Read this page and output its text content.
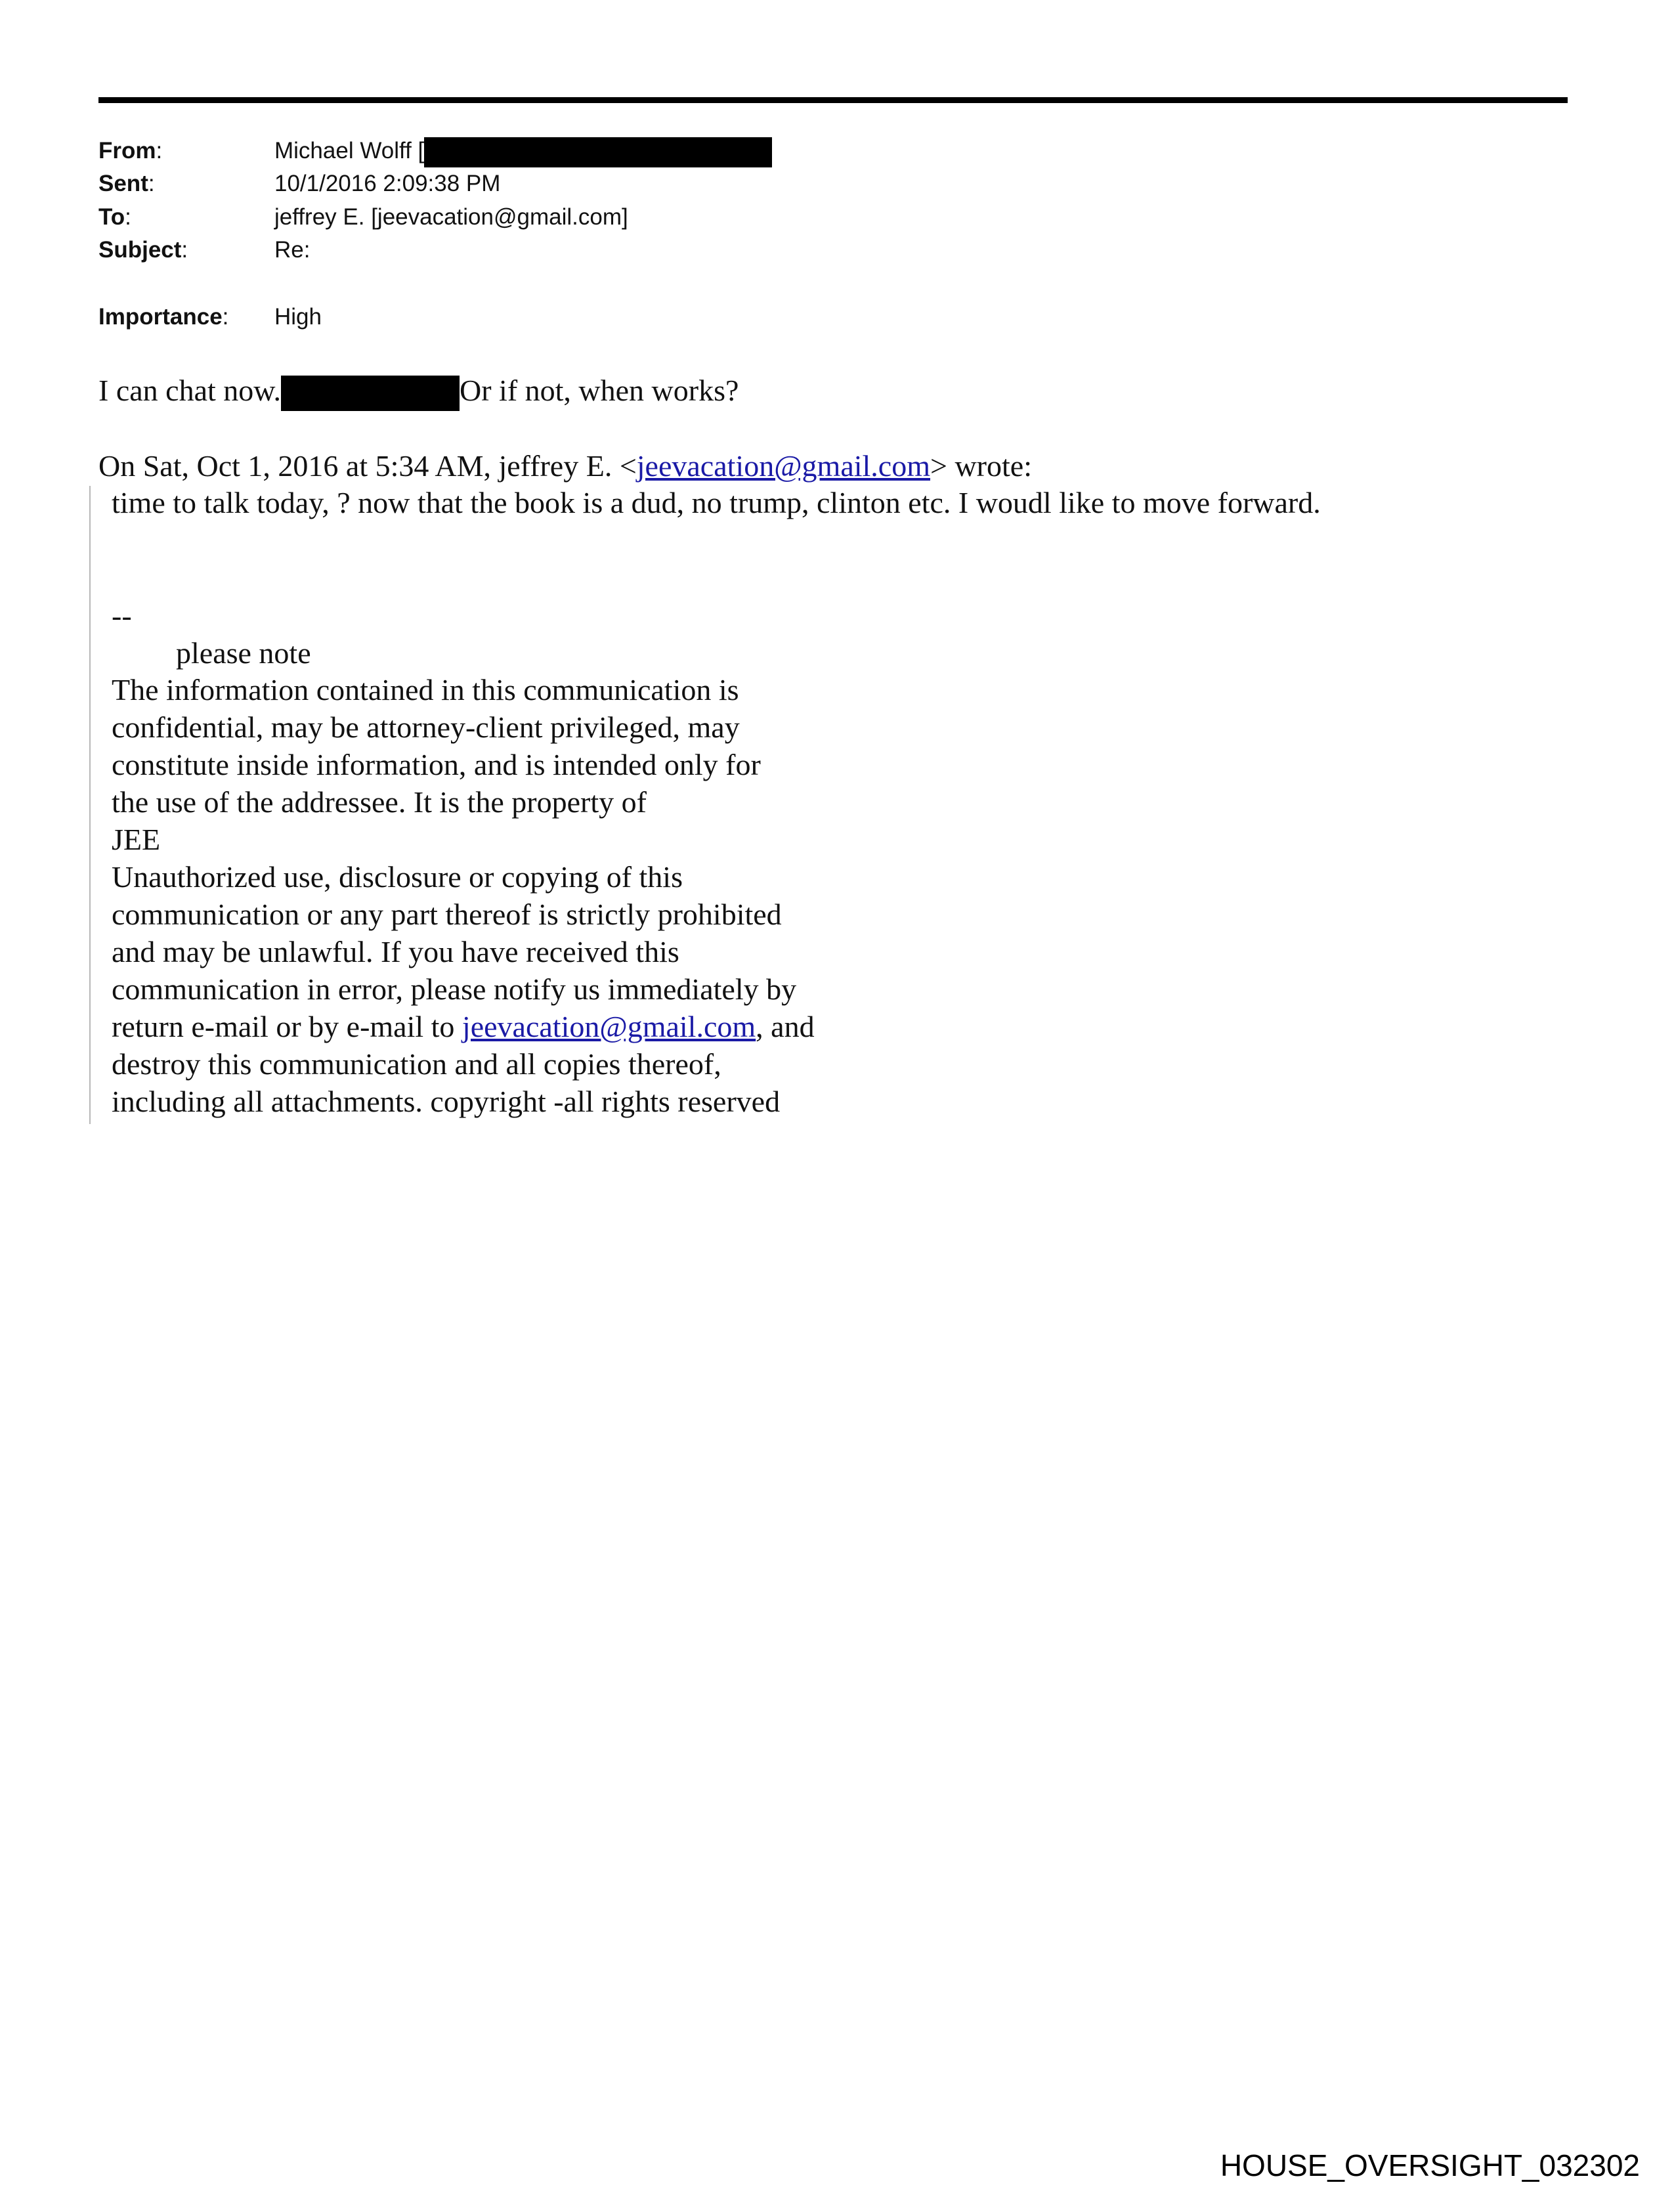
From:	Michael Wolff [
Sent:	10/1/2016 2:09:38 PM
To:	jeffrey E. [jeevacation@gmail.com]
Subject:	Re:
Importance: High
I can chat now.	Or if not, when works?
On Sat, Oct 1, 2016 at 5:34 AM, jeffrey E. <jeevacation@gmail.com> wrote:
time to talk today, ? now that the book is a dud, no trump, clinton etc. I woudl like to move forward.
--
please note
The information contained in this communication is
confidential, may be attorney-client privileged, may
constitute inside information, and is intended only for
the use of the addressee. It is the property of
JEE
Unauthorized use, disclosure or copying of this
communication or any part thereof is strictly prohibited
and may be unlawful. If you have received this
communication in error, please notify us immediately by
return e-mail or by e-mail to jeevacation@gmail.com, and
destroy this communication and all copies thereof,
including all attachments. copyright -all rights reserved
HOUSE_OVERSIGHT_032302
